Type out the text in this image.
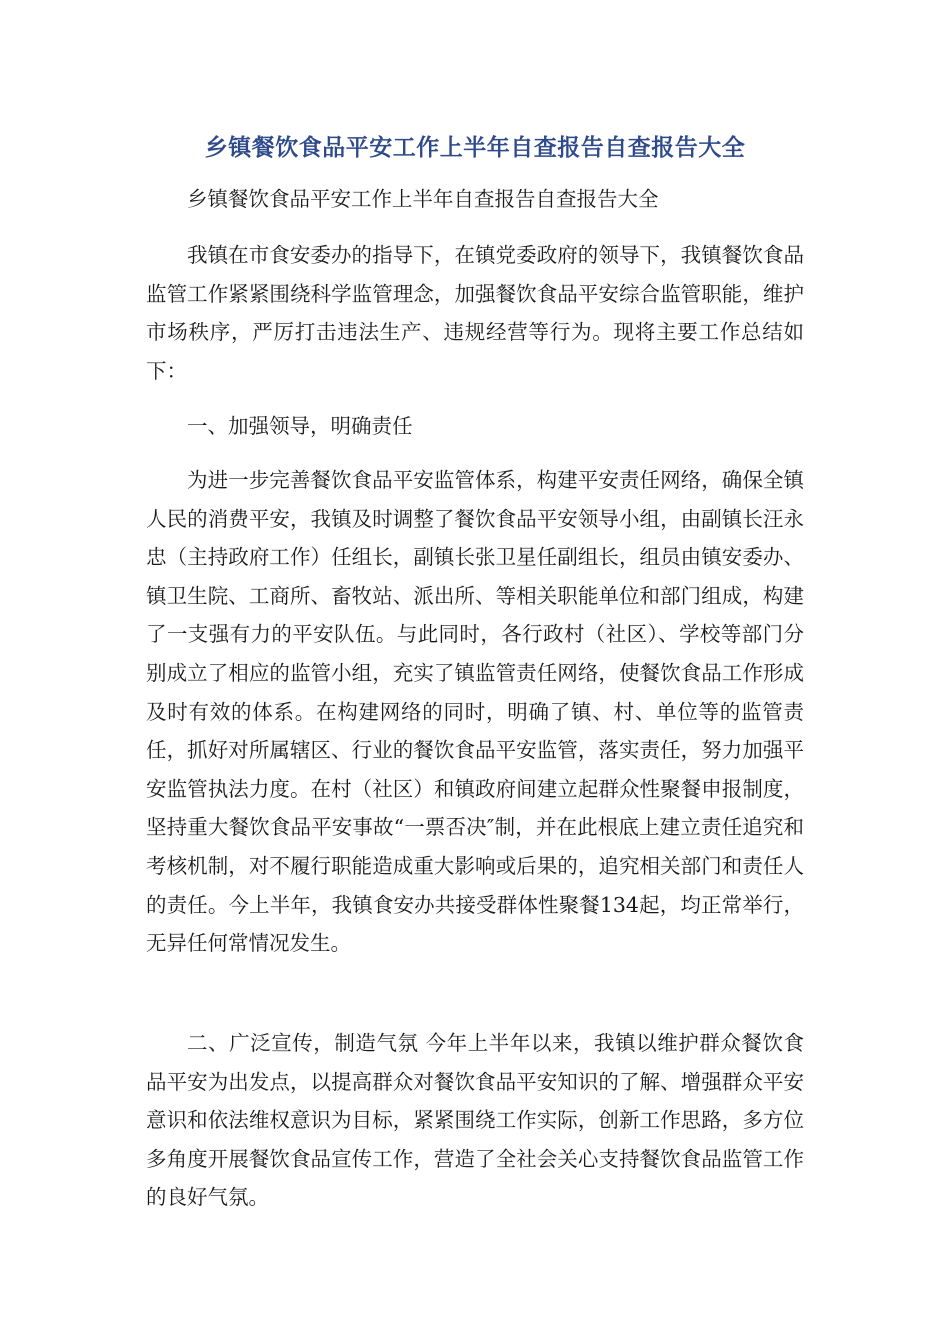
乡镇餐饮食品平安工作上半年自查报告自查报告大全

乡镇餐饮食品平安工作上半年自查报告自查报告大全

我镇在市食安委办的指导下，在镇党委政府的领导下，我镇餐饮食品监管工作紧紧围绕科学监管理念，加强餐饮食品平安综合监管职能，维护市场秩序，严厉打击违法生产、违规经营等行为。现将主要工作总结如下：

一、加强领导，明确责任

为进一步完善餐饮食品平安监管体系，构建平安责任网络，确保全镇人民的消费平安，我镇及时调整了餐饮食品平安领导小组，由副镇长汪永忠（主持政府工作）任组长，副镇长张卫星任副组长，组员由镇安委办、镇卫生院、工商所、畜牧站、派出所、等相关职能单位和部门组成，构建了一支强有力的平安队伍。与此同时，各行政村（社区）、学校等部门分别成立了相应的监管小组，充实了镇监管责任网络，使餐饮食品工作形成及时有效的体系。在构建网络的同时，明确了镇、村、单位等的监管责任，抓好对所属辖区、行业的餐饮食品平安监管，落实责任，努力加强平安监管执法力度。在村（社区）和镇政府间建立起群众性聚餐申报制度，坚持重大餐饮食品平安事故“一票否决″制，并在此根底上建立责任追究和考核机制，对不履行职能造成重大影响或后果的，追究相关部门和责任人的责任。今上半年，我镇食安办共接受群体性聚餐134起，均正常举行，无异任何常情况发生。

二、广泛宣传，制造气氛 今年上半年以来，我镇以维护群众餐饮食品平安为出发点，以提高群众对餐饮食品平安知识的了解、增强群众平安意识和依法维权意识为目标，紧紧围绕工作实际，创新工作思路，多方位多角度开展餐饮食品宣传工作，营造了全社会关心支持餐饮食品监管工作的良好气氛。
